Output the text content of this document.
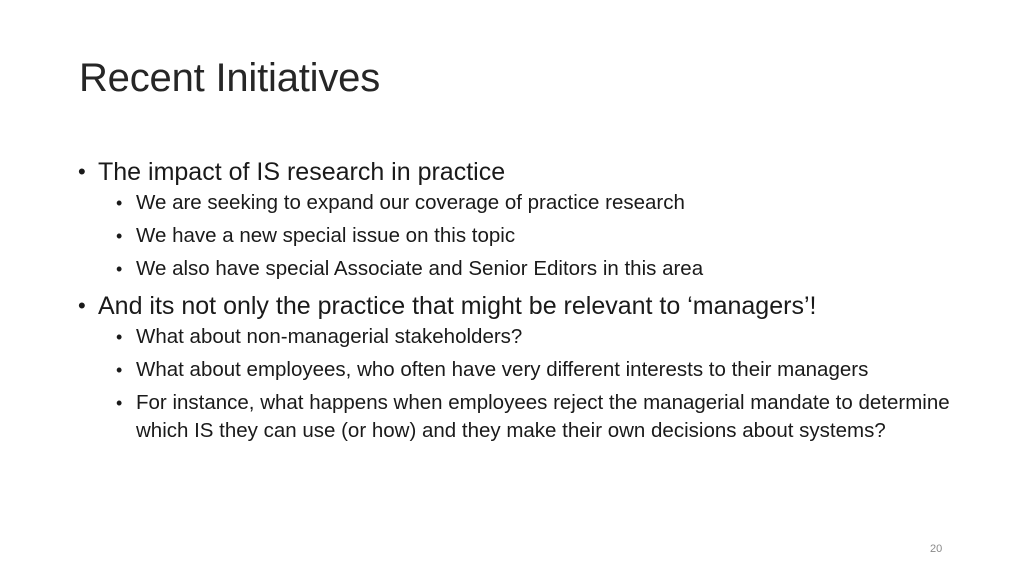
Recent Initiatives
• The impact of IS research in practice
• We are seeking to expand our coverage of practice research
• We have a new special issue on this topic
• We also have special Associate and Senior Editors in this area
• And its not only the practice that might be relevant to ‘managers’!
• What about non-managerial stakeholders?
• What about employees, who often have very different interests to their managers
• For instance, what happens when employees reject the managerial mandate to determine which IS they can use (or how) and they make their own decisions about systems?
20
